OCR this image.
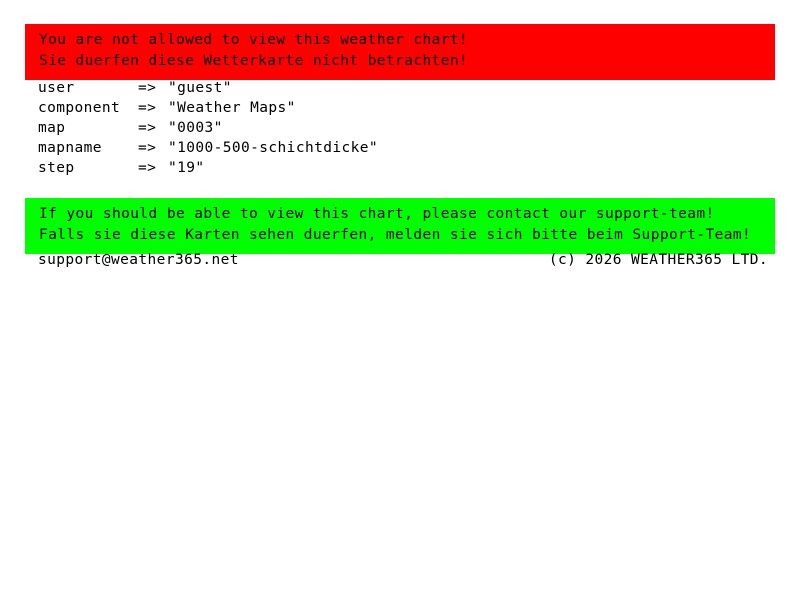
You are not allowed to view this weather chart!
Sie duerfen diese Wetterkarte nicht betrachten!
user	=> "guest"
component	=> "Weather Maps"
map	=> "0003"
mapname	=> "1000-500-schichtdicke"
step	=> "19"
If you should be able to view this chart, please contact our support-team!
Falls sie diese Karten sehen duerfen, melden sie sich bitte beim Support-Team!
support@weather365.net	(c) 2026 WEATHER365 LTD.
